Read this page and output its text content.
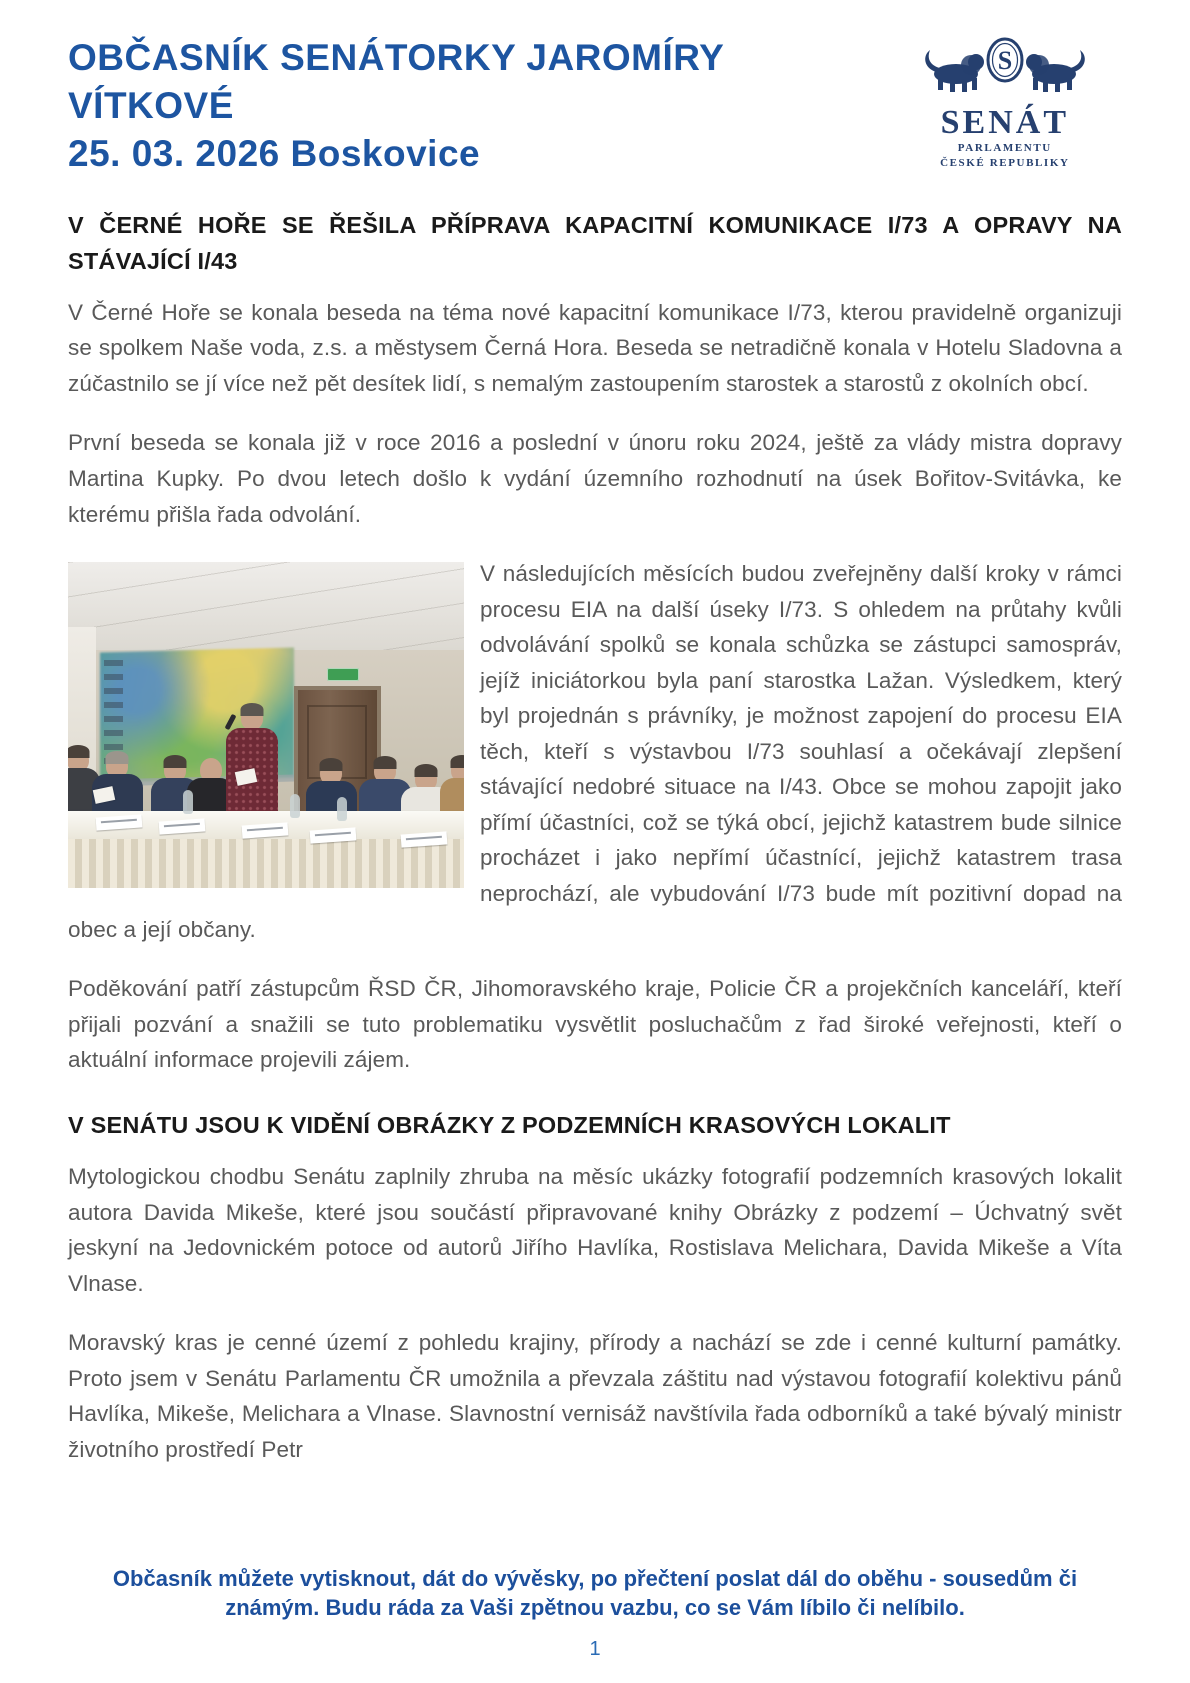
OBČASNÍK SENÁTORKY JAROMÍRY VÍTKOVÉ
25. 03. 2026 Boskovice
S
SENÁT
PARLAMENTU
ČESKÉ REPUBLIKY
V ČERNÉ HOŘE SE ŘEŠILA PŘÍPRAVA KAPACITNÍ KOMUNIKACE I/73 A OPRAVY NA STÁVAJÍCÍ I/43

V Černé Hoře se konala beseda na téma nové kapacitní komunikace I/73, kterou pravidelně organizuji se spolkem Naše voda, z.s. a městysem Černá Hora. Beseda se netradičně konala v Hotelu Sladovna a zúčastnilo se jí více než pět desítek lidí, s nemalým zastoupením starostek a starostů z okolních obcí.

První beseda se konala již v roce 2016 a poslední v únoru roku 2024, ještě za vlády mistra dopravy Martina Kupky. Po dvou letech došlo k vydání územního rozhodnutí na úsek Bořitov-Svitávka, ke kterému přišla řada odvolání.

V následujících měsících budou zveřejněny další kroky v rámci procesu EIA na další úseky I/73. S ohledem na průtahy kvůli odvolávání spolků se konala schůzka se zástupci samospráv, jejíž iniciátorkou byla paní starostka Lažan. Výsledkem, který byl projednán s právníky, je možnost zapojení do procesu EIA těch, kteří s výstavbou I/73 souhlasí a očekávají zlepšení stávající nedobré situace na I/43. Obce se mohou zapojit jako přímí účastníci, což se týká obcí, jejichž katastrem bude silnice procházet i jako nepřímí účastnící, jejichž katastrem trasa neprochází, ale vybudování I/73 bude mít pozitivní dopad na obec a její občany.

Poděkování patří zástupcům ŘSD ČR, Jihomoravského kraje, Policie ČR a projekčních kanceláří, kteří přijali pozvání a snažili se tuto problematiku vysvětlit posluchačům z řad široké veřejnosti, kteří o aktuální informace projevili zájem.

V SENÁTU JSOU K VIDĚNÍ OBRÁZKY Z PODZEMNÍCH KRASOVÝCH LOKALIT

Mytologickou chodbu Senátu zaplnily zhruba na měsíc ukázky fotografií podzemních krasových lokalit autora Davida Mikeše, které jsou součástí připravované knihy Obrázky z podzemí – Úchvatný svět jeskyní na Jedovnickém potoce od autorů Jiřího Havlíka, Rostislava Melichara, Davida Mikeše a Víta Vlnase.

Moravský kras je cenné území z pohledu krajiny, přírody a nachází se zde i cenné kulturní památky. Proto jsem v Senátu Parlamentu ČR umožnila a převzala záštitu nad výstavou fotografií kolektivu pánů Havlíka, Mikeše, Melichara a Vlnase. Slavnostní vernisáž navštívila řada odborníků a také bývalý ministr životního prostředí Petr

Občasník můžete vytisknout, dát do vývěsky, po přečtení poslat dál do oběhu - sousedům či známým. Budu ráda za Vaši zpětnou vazbu, co se Vám líbilo či nelíbilo.
1
